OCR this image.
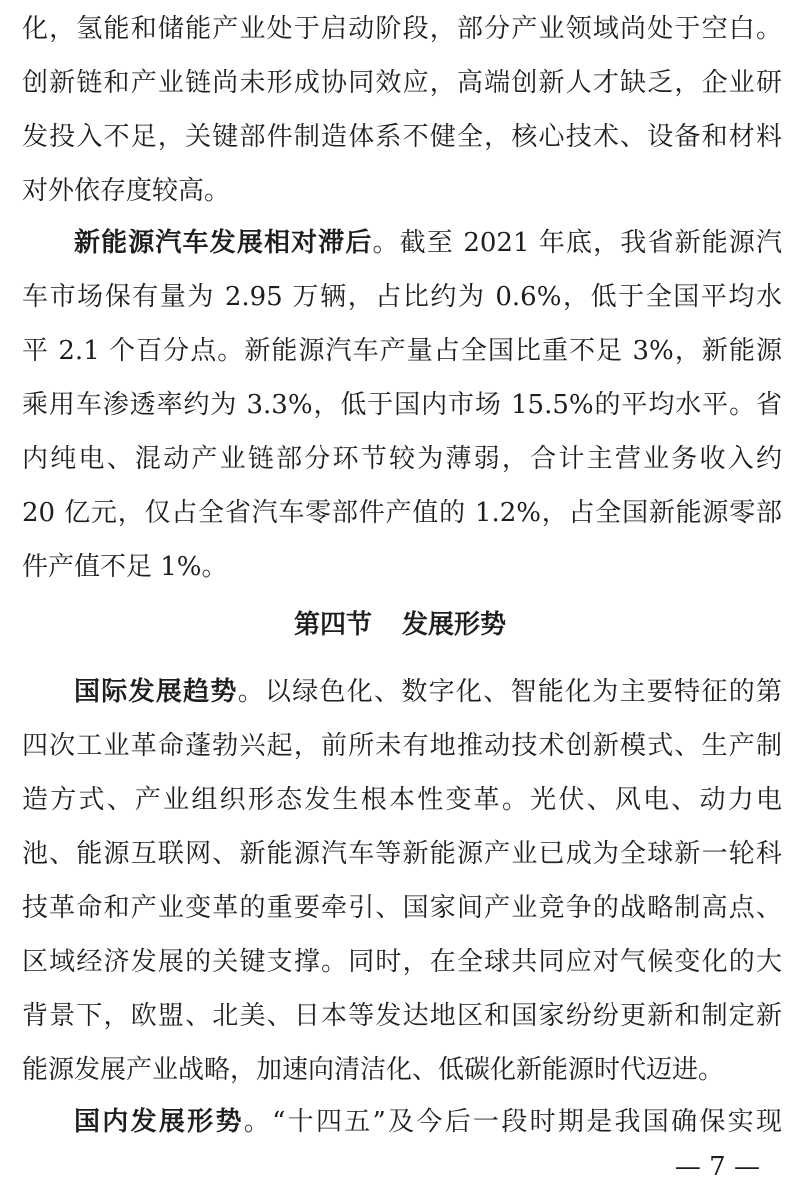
化，氢能和储能产业处于启动阶段，部分产业领域尚处于空白。
创新链和产业链尚未形成协同效应，高端创新人才缺乏，企业研
发投入不足，关键部件制造体系不健全，核心技术、设备和材料
对外依存度较高。
新能源汽车发展相对滞后。截至 2021 年底，我省新能源汽
车市场保有量为 2.95 万辆，占比约为 0.6%，低于全国平均水
平 2.1 个百分点。新能源汽车产量占全国比重不足 3%，新能源
乘用车渗透率约为 3.3%，低于国内市场 15.5%的平均水平。省
内纯电、混动产业链部分环节较为薄弱，合计主营业务收入约
20 亿元，仅占全省汽车零部件产值的 1.2%，占全国新能源零部
件产值不足 1%。
第四节 发展形势
国际发展趋势。以绿色化、数字化、智能化为主要特征的第
四次工业革命蓬勃兴起，前所未有地推动技术创新模式、生产制
造方式、产业组织形态发生根本性变革。光伏、风电、动力电
池、能源互联网、新能源汽车等新能源产业已成为全球新一轮科
技革命和产业变革的重要牵引、国家间产业竞争的战略制高点、
区域经济发展的关键支撑。同时，在全球共同应对气候变化的大
背景下，欧盟、北美、日本等发达地区和国家纷纷更新和制定新
能源发展产业战略，加速向清洁化、低碳化新能源时代迈进。
国内发展形势。“十四五”及今后一段时期是我国确保实现
— 7 —
